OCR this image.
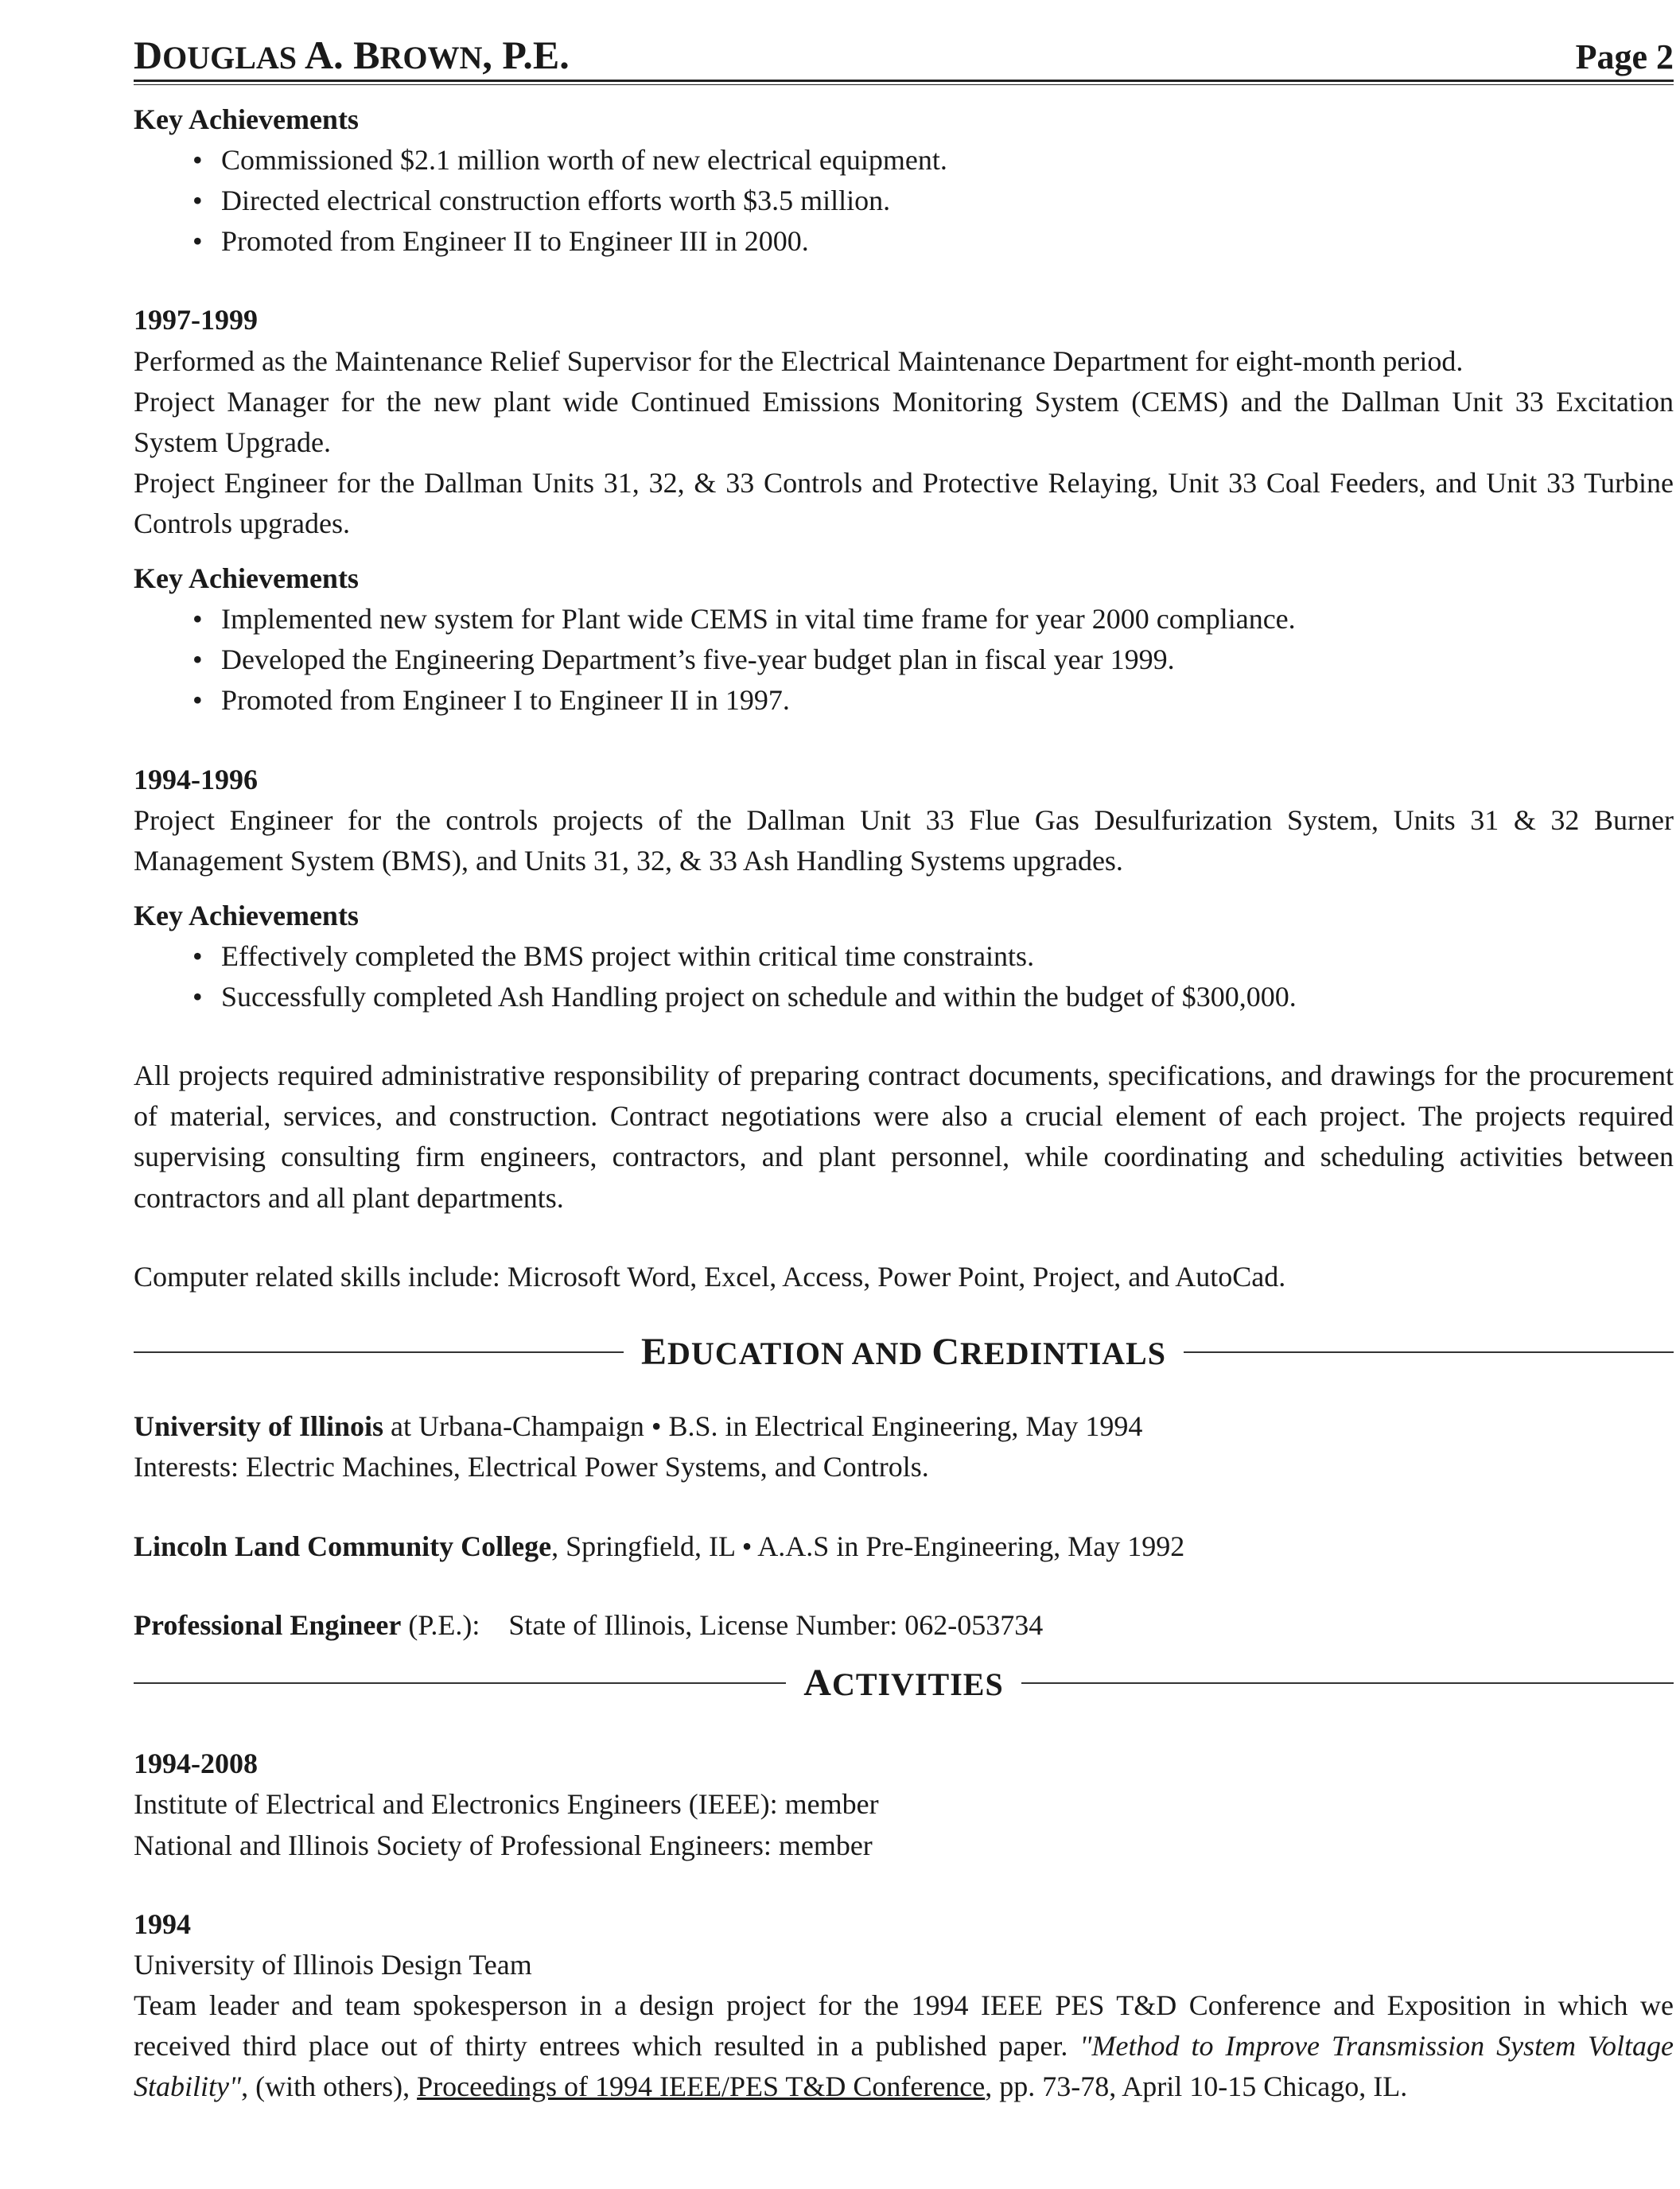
DOUGLAS A. BROWN, P.E.	Page 2

Key Achievements

• Commissioned $2.1 million worth of new electrical equipment.
• Directed electrical construction efforts worth $3.5 million.
• Promoted from Engineer II to Engineer III in 2000.

1997-1999

Performed as the Maintenance Relief Supervisor for the Electrical Maintenance Department for eight-month period.

Project Manager for the new plant wide Continued Emissions Monitoring System (CEMS) and the Dallman Unit 33 Excitation System Upgrade.

Project Engineer for the Dallman Units 31, 32, & 33 Controls and Protective Relaying, Unit 33 Coal Feeders, and Unit 33 Turbine Controls upgrades.

Key Achievements

• Implemented new system for Plant wide CEMS in vital time frame for year 2000 compliance.
• Developed the Engineering Department’s five-year budget plan in fiscal year 1999.
• Promoted from Engineer I to Engineer II in 1997.

1994-1996

Project Engineer for the controls projects of the Dallman Unit 33 Flue Gas Desulfurization System, Units 31 & 32 Burner Management System (BMS), and Units 31, 32, & 33 Ash Handling Systems upgrades.

Key Achievements

• Effectively completed the BMS project within critical time constraints.
• Successfully completed Ash Handling project on schedule and within the budget of $300,000.

All projects required administrative responsibility of preparing contract documents, specifications, and drawings for the procurement of material, services, and construction. Contract negotiations were also a crucial element of each project. The projects required supervising consulting firm engineers, contractors, and plant personnel, while coordinating and scheduling activities between contractors and all plant departments.

Computer related skills include: Microsoft Word, Excel, Access, Power Point, Project, and AutoCad.

EDUCATION AND CREDINTIALS

University of Illinois at Urbana-Champaign • B.S. in Electrical Engineering, May 1994

Interests: Electric Machines, Electrical Power Systems, and Controls.

Lincoln Land Community College, Springfield, IL • A.A.S in Pre-Engineering, May 1992

Professional Engineer (P.E.):    State of Illinois, License Number: 062-053734

ACTIVITIES

1994-2008

Institute of Electrical and Electronics Engineers (IEEE): member

National and Illinois Society of Professional Engineers: member

1994

University of Illinois Design Team

Team leader and team spokesperson in a design project for the 1994 IEEE PES T&D Conference and Exposition in which we received third place out of thirty entrees which resulted in a published paper. "Method to Improve Transmission System Voltage Stability", (with others), Proceedings of 1994 IEEE/PES T&D Conference, pp. 73-78, April 10-15 Chicago, IL.
